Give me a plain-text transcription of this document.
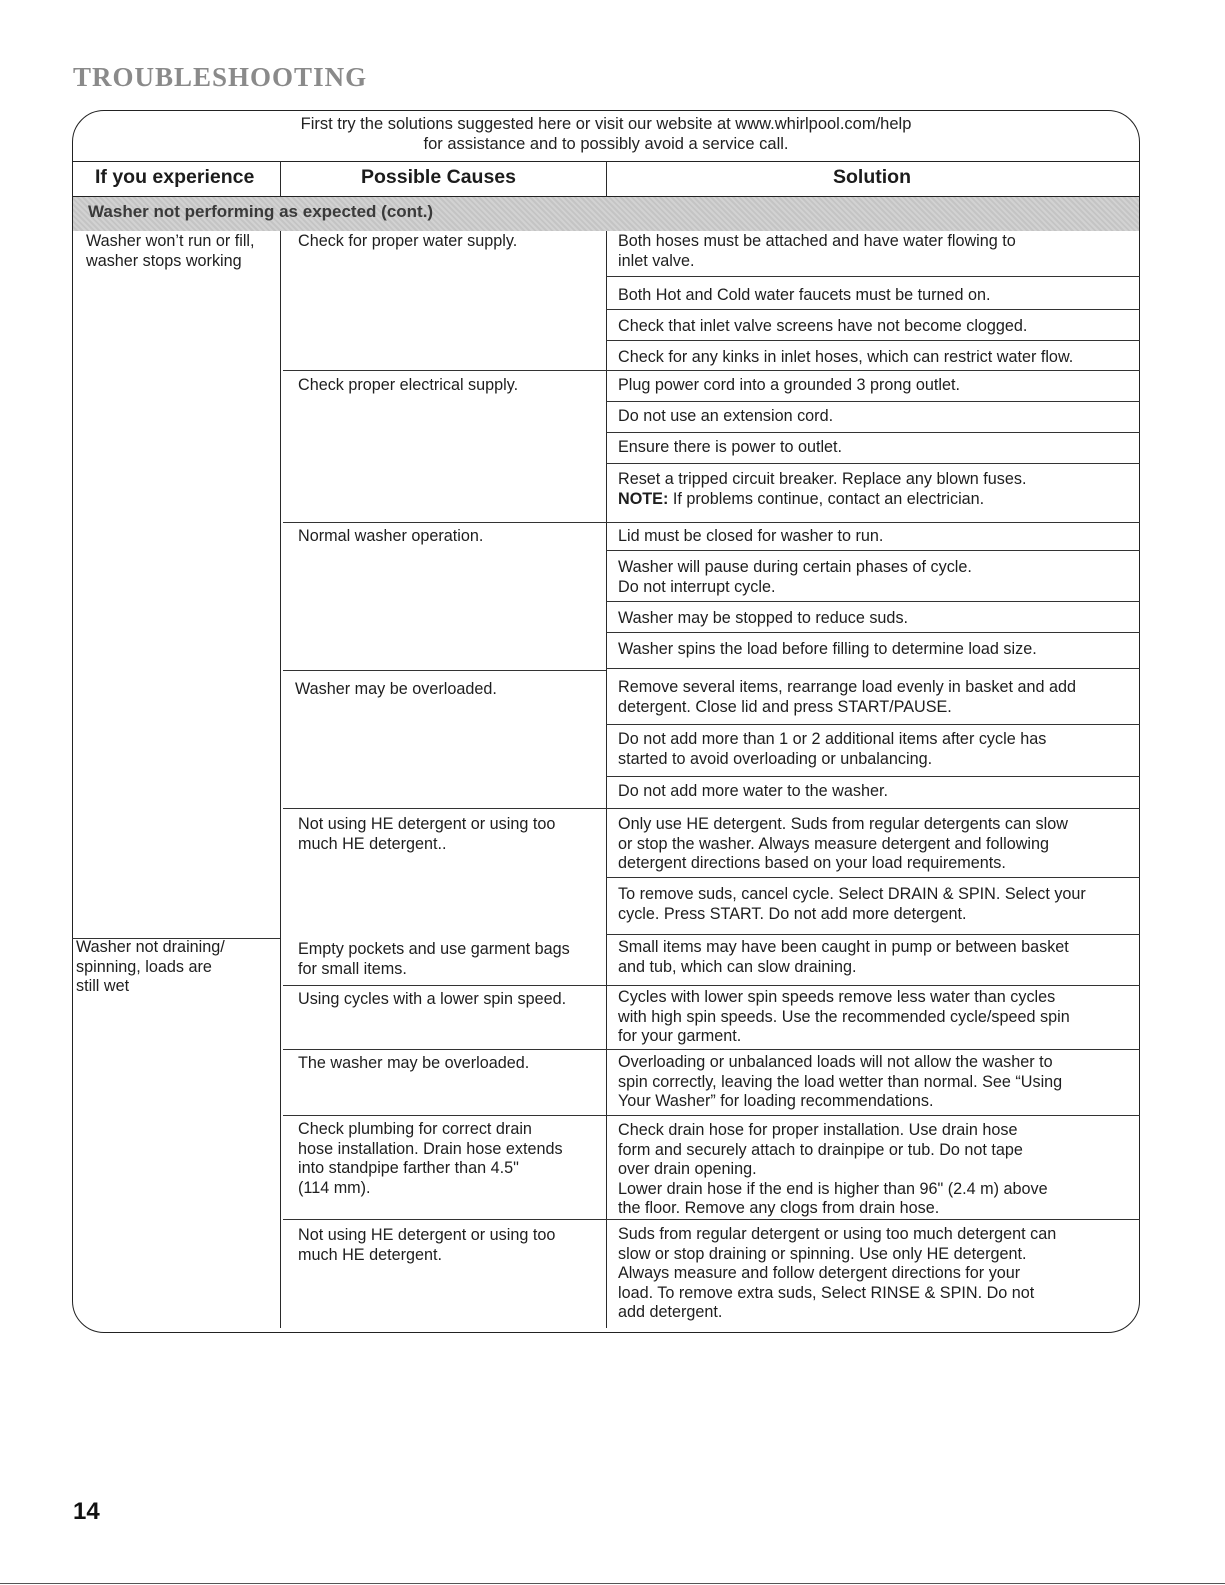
TROUBLESHOOTING
First try the solutions suggested here or visit our website at www.whirlpool.com/help
for assistance and to possibly avoid a service call.
If you experience	Possible Causes	Solution
Washer not performing as expected (cont.)
Washer won’t run or fill,
washer stops working
Washer not draining/
spinning, loads are
still wet
Check for proper water supply.
Check proper electrical supply.
Normal washer operation.
Washer may be overloaded.
Not using HE detergent or using too
much HE detergent..
Empty pockets and use garment bags
for small items.
Using cycles with a lower spin speed.
The washer may be overloaded.
Check plumbing for correct drain
hose installation. Drain hose extends
into standpipe farther than 4.5"
(114 mm).
Not using HE detergent or using too
much HE detergent.
Both hoses must be attached and have water flowing to
inlet valve.
Both Hot and Cold water faucets must be turned on.
Check that inlet valve screens have not become clogged.
Check for any kinks in inlet hoses, which can restrict water flow.
Plug power cord into a grounded 3 prong outlet.
Do not use an extension cord.
Ensure there is power to outlet.
Reset a tripped circuit breaker. Replace any blown fuses.
NOTE: If problems continue, contact an electrician.
Lid must be closed for washer to run.
Washer will pause during certain phases of cycle.
Do not interrupt cycle.
Washer may be stopped to reduce suds.
Washer spins the load before filling to determine load size.
Remove several items, rearrange load evenly in basket and add
detergent. Close lid and press START/PAUSE.
Do not add more than 1 or 2 additional items after cycle has
started to avoid overloading or unbalancing.
Do not add more water to the washer.
Only use HE detergent. Suds from regular detergents can slow
or stop the washer. Always measure detergent and following
detergent directions based on your load requirements.
To remove suds, cancel cycle. Select DRAIN & SPIN. Select your
cycle. Press START. Do not add more detergent.
Small items may have been caught in pump or between basket
and tub, which can slow draining.
Cycles with lower spin speeds remove less water than cycles
with high spin speeds. Use the recommended cycle/speed spin
for your garment.
Overloading or unbalanced loads will not allow the washer to
spin correctly, leaving the load wetter than normal. See “Using
Your Washer” for loading recommendations.
Check drain hose for proper installation. Use drain hose
form and securely attach to drainpipe or tub. Do not tape
over drain opening.
Lower drain hose if the end is higher than 96" (2.4 m) above
the floor. Remove any clogs from drain hose.
Suds from regular detergent or using too much detergent can
slow or stop draining or spinning. Use only HE detergent.
Always measure and follow detergent directions for your
load. To remove extra suds, Select RINSE & SPIN. Do not
add detergent.
14
